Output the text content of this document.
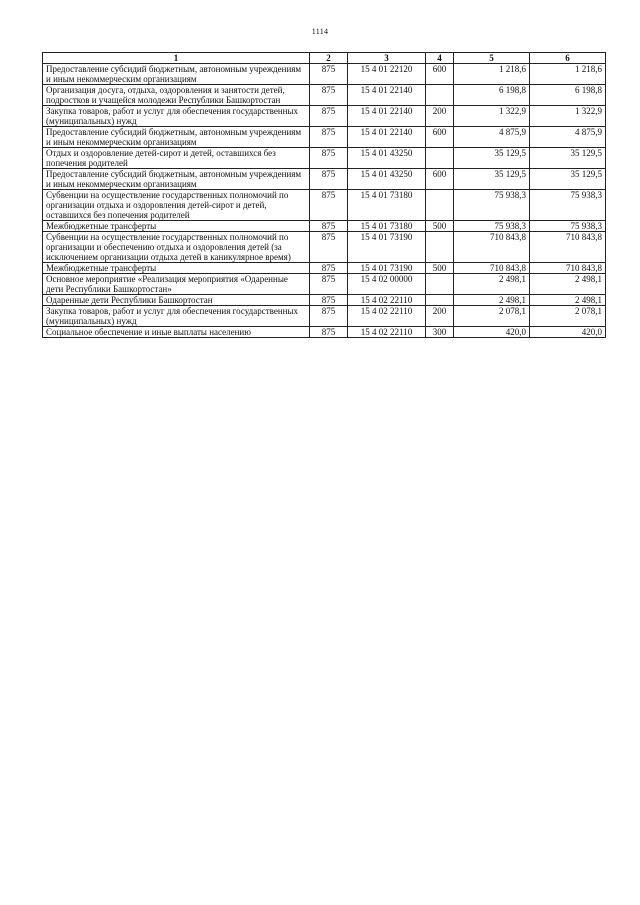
1114
1	2	3	4	5	6
Предоставление субсидий бюджетным, автономным учреждениям и иным некоммерческим организациям	875	15 4 01 22120	600	1 218,6	1 218,6
Организация досуга, отдыха, оздоровления и занятости детей, подростков и учащейся молодежи Республики Башкортостан	875	15 4 01 22140		6 198,8	6 198,8
Закупка товаров, работ и услуг для обеспечения государственных (муниципальных) нужд	875	15 4 01 22140	200	1 322,9	1 322,9
Предоставление субсидий бюджетным, автономным учреждениям и иным некоммерческим организациям	875	15 4 01 22140	600	4 875,9	4 875,9
Отдых и оздоровление детей-сирот и детей, оставшихся без попечения родителей	875	15 4 01 43250		35 129,5	35 129,5
Предоставление субсидий бюджетным, автономным учреждениям и иным некоммерческим организациям	875	15 4 01 43250	600	35 129,5	35 129,5
Субвенции на осуществление государственных полномочий по организации отдыха и оздоровления детей-сирот и детей, оставшихся без попечения родителей	875	15 4 01 73180		75 938,3	75 938,3
Межбюджетные трансферты	875	15 4 01 73180	500	75 938,3	75 938,3
Субвенции на осуществление государственных полномочий по организации и обеспечению отдыха и оздоровления детей (за исключением организации отдыха детей в каникулярное время)	875	15 4 01 73190		710 843,8	710 843,8
Межбюджетные трансферты	875	15 4 01 73190	500	710 843,8	710 843,8
Основное мероприятие «Реализация мероприятия «Одаренные дети Республики Башкортостан»	875	15 4 02 00000		2 498,1	2 498,1
Одаренные дети Республики Башкортостан	875	15 4 02 22110		2 498,1	2 498,1
Закупка товаров, работ и услуг для обеспечения государственных (муниципальных) нужд	875	15 4 02 22110	200	2 078,1	2 078,1
Социальное обеспечение и иные выплаты населению	875	15 4 02 22110	300	420,0	420,0
